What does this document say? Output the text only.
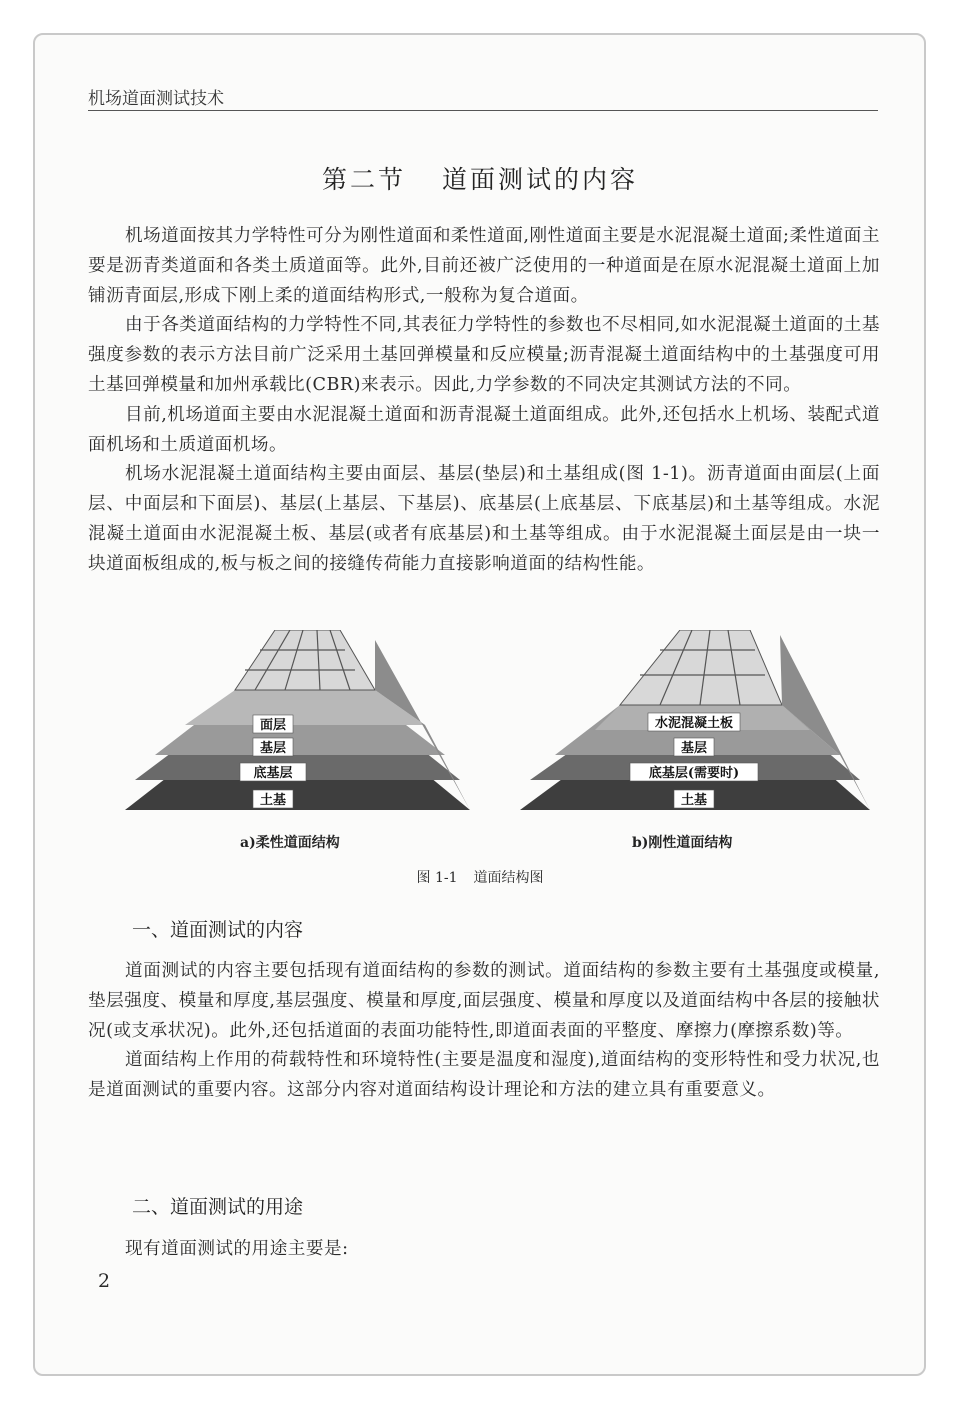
机场道面测试技术
第二节 道面测试的内容

机场道面按其力学特性可分为刚性道面和柔性道面,刚性道面主要是水泥混凝土道面;柔性道面主要是沥青类道面和各类土质道面等。此外,目前还被广泛使用的一种道面是在原水泥混凝土道面上加铺沥青面层,形成下刚上柔的道面结构形式,一般称为复合道面。

由于各类道面结构的力学特性不同,其表征力学特性的参数也不尽相同,如水泥混凝土道面的土基强度参数的表示方法目前广泛采用土基回弹模量和反应模量;沥青混凝土道面结构中的土基强度可用土基回弹模量和加州承载比(CBR)来表示。因此,力学参数的不同决定其测试方法的不同。

目前,机场道面主要由水泥混凝土道面和沥青混凝土道面组成。此外,还包括水上机场、装配式道面机场和土质道面机场。

机场水泥混凝土道面结构主要由面层、基层(垫层)和土基组成(图 1-1)。沥青道面由面层(上面层、中面层和下面层)、基层(上基层、下基层)、底基层(上底基层、下底基层)和土基等组成。水泥混凝土道面由水泥混凝土板、基层(或者有底基层)和土基等组成。由于水泥混凝土面层是由一块一块道面板组成的,板与板之间的接缝传荷能力直接影响道面的结构性能。

面层
基层
底基层
土基
水泥混凝土板
基层
底基层(需要时)
土基
a)柔性道面结构	b)刚性道面结构
图 1-1 道面结构图
一、道面测试的内容

道面测试的内容主要包括现有道面结构的参数的测试。道面结构的参数主要有土基强度或模量,垫层强度、模量和厚度,基层强度、模量和厚度,面层强度、模量和厚度以及道面结构中各层的接触状况(或支承状况)。此外,还包括道面的表面功能特性,即道面表面的平整度、摩擦力(摩擦系数)等。

道面结构上作用的荷载特性和环境特性(主要是温度和湿度),道面结构的变形特性和受力状况,也是道面测试的重要内容。这部分内容对道面结构设计理论和方法的建立具有重要意义。

二、道面测试的用途

现有道面测试的用途主要是:

2
